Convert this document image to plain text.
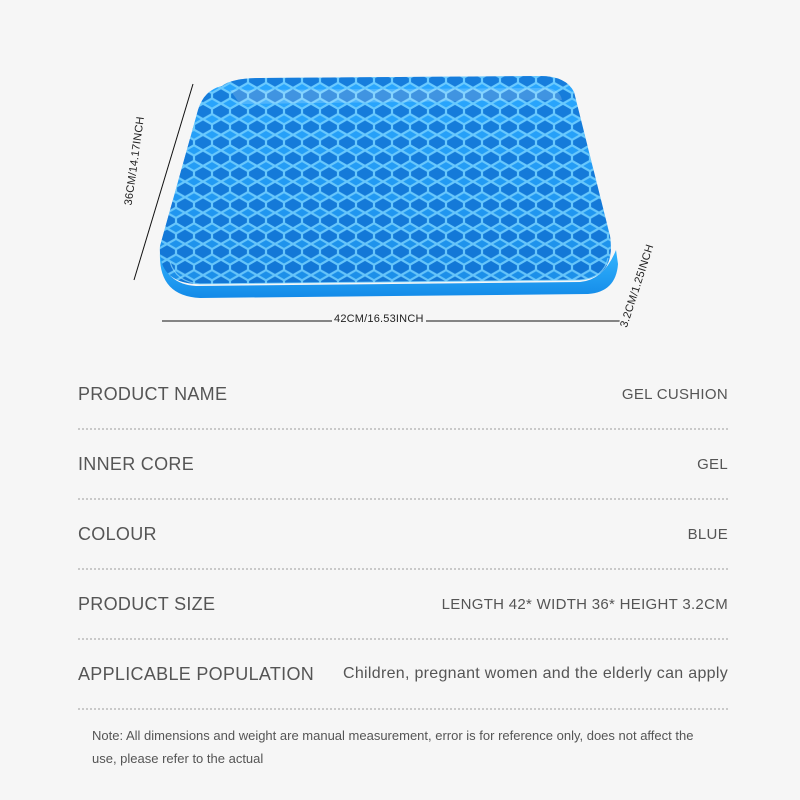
42CM/16.53INCH
36CM/14.17INCH
3.2CM/1.25INCH
PRODUCT NAME	GEL CUSHION
INNER CORE	GEL
COLOUR	BLUE
PRODUCT SIZE	LENGTH 42* WIDTH 36* HEIGHT 3.2CM
APPLICABLE POPULATION Children, pregnant women and the elderly can apply
Note: All dimensions and weight are manual measurement, error is for reference only, does not affect the use, please refer to the actual
